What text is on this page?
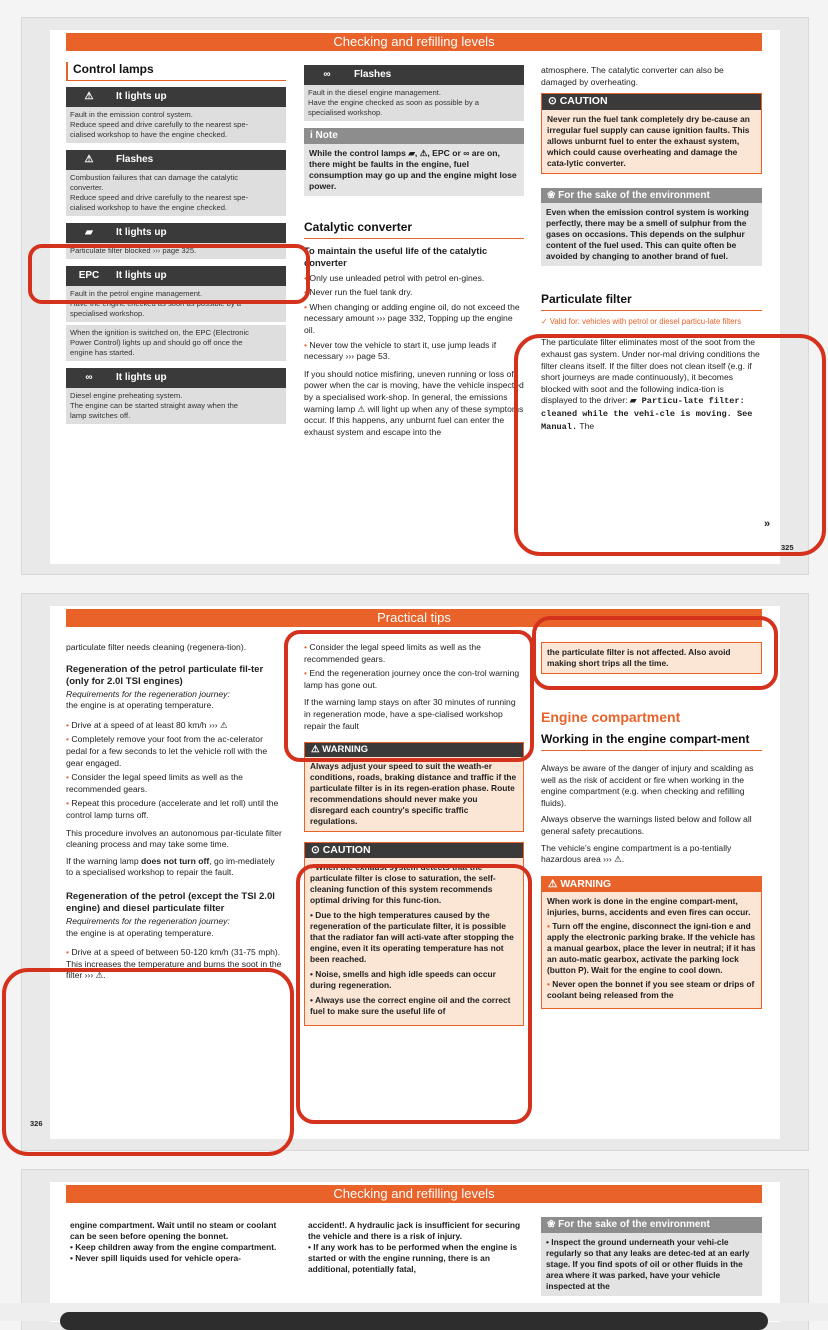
Checking and refilling levels
Control lamps
⚠	It lights up
Fault in the emission control system.
Reduce speed and drive carefully to the nearest spe-
cialised workshop to have the engine checked.
⚠	Flashes
Combustion failures that can damage the catalytic
converter.
Reduce speed and drive carefully to the nearest spe-
cialised workshop to have the engine checked.
▰	It lights up
Particulate filter blocked ››› page 325.
EPC It lights up
Fault in the petrol engine management.
Have the engine checked as soon as possible by a
specialised workshop.
When the ignition is switched on, the EPC (Electronic
Power Control) lights up and should go off once the
engine has started.
∞	It lights up
Diesel engine preheating system.
The engine can be started straight away when the
lamp switches off.
∞	Flashes
Fault in the diesel engine management.
Have the engine checked as soon as possible by a
specialised workshop.
i Note
While the control lamps ▰, ⚠, EPC or ∞ are on, there might be faults in the engine, fuel consumption may go up and the engine might lose power.
Catalytic converter
To maintain the useful life of the catalytic converter
• Only use unleaded petrol with petrol en-gines.
• Never run the fuel tank dry.
• When changing or adding engine oil, do not exceed the necessary amount ››› page 332, Topping up the engine oil.
• Never tow the vehicle to start it, use jump leads if necessary ››› page 53.

If you should notice misfiring, uneven running or loss of power when the car is moving, have the vehicle inspected by a specialised work-shop. In general, the emissions warning lamp ⚠ will light up when any of these symptoms occur. If this happens, any unburnt fuel can enter the exhaust system and escape into the

atmosphere. The catalytic converter can also be damaged by overheating.

⊙ CAUTION
Never run the fuel tank completely dry be-cause an irregular fuel supply can cause ignition faults. This allows unburnt fuel to enter the exhaust system, which could cause overheating and damage the cata-lytic converter.
❀ For the sake of the environment
Even when the emission control system is working perfectly, there may be a smell of sulphur from the gases on occasions. This depends on the sulphur content of the fuel used. This can quite often be avoided by changing to another brand of fuel.
Particulate filter
✓ Valid for: vehicles with petrol or diesel particu-late filters
The particulate filter eliminates most of the soot from the exhaust gas system. Under nor-mal driving conditions the filter cleans itself. If the filter does not clean itself (e.g. if short journeys are made continuously), it becomes blocked with soot and the following indica-tion is displayed to the driver: ▰ Particu-late filter: cleaned while the vehi-cle is moving. See Manual. The
»
325
Practical tips

particulate filter needs cleaning (regenera-tion).

Regeneration of the petrol particulate fil-ter (only for 2.0l TSI engines)
Requirements for the regeneration journey:

the engine is at operating temperature.

• Drive at a speed of at least 80 km/h ››› ⚠
• Completely remove your foot from the ac-celerator pedal for a few seconds to let the vehicle roll with the gear engaged.
• Consider the legal speed limits as well as the recommended gears.
• Repeat this procedure (accelerate and let roll) until the control lamp turns off.

This procedure involves an autonomous par-ticulate filter cleaning process and may take some time.

If the warning lamp does not turn off, go im-mediately to a specialised workshop to repair the fault.

Regeneration of the petrol (except the TSI 2.0l engine) and diesel particulate filter
Requirements for the regeneration journey:

the engine is at operating temperature.

• Drive at a speed of between 50-120 km/h (31-75 mph). This increases the temperature and burns the soot in the filter ››› ⚠.
• Consider the legal speed limits as well as the recommended gears.
• End the regeneration journey once the con-trol warning lamp has gone out.

If the warning lamp stays on after 30 minutes of running in regeneration mode, have a spe-cialised workshop repair the fault

⚠ WARNING
Always adjust your speed to suit the weath-er conditions, roads, braking distance and traffic if the particulate filter is in its regen-eration phase. Route recommendations should never make you disregard each country's specific traffic regulations.
⊙ CAUTION
• When the exhaust system detects that the particulate filter is close to saturation, the self-cleaning function of this system recommends optimal driving for this func-tion.
• Due to the high temperatures caused by the regeneration of the particulate filter, it is possible that the radiator fan will acti-vate after stopping the engine, even it its operating temperature has not been reached.
• Noise, smells and high idle speeds can occur during regeneration.
• Always use the correct engine oil and the correct fuel to make sure the useful life of
the particulate filter is not affected. Also avoid making short trips all the time.
Engine compartment
Working in the engine compart-ment

Always be aware of the danger of injury and scalding as well as the risk of accident or fire when working in the engine compartment (e.g. when checking and refilling fluids).

Always observe the warnings listed below and follow all general safety precautions.

The vehicle's engine compartment is a po-tentially hazardous area ››› ⚠.

⚠ WARNING
When work is done in the engine compart-ment, injuries, burns, accidents and even fires can occur.
• Turn off the engine, disconnect the igni-tion e and apply the electronic parking brake. If the vehicle has a manual gearbox, place the lever in neutral; if it has an auto-matic gearbox, activate the parking lock (button P). Wait for the engine to cool down.
• Never open the bonnet if you see steam or drips of coolant being released from the
326
Checking and refilling levels
engine compartment. Wait until no steam or coolant can be seen before opening the bonnet.
• Keep children away from the engine compartment.
• Never spill liquids used for vehicle opera-
accident!. A hydraulic jack is insufficient for securing the vehicle and there is a risk of injury.
• If any work has to be performed when the engine is started or with the engine running, there is an additional, potentially fatal,
❀ For the sake of the environment
• Inspect the ground underneath your vehi-cle regularly so that any leaks are detec-ted at an early stage. If you find spots of oil or other fluids in the area where it was parked, have your vehicle inspected at the
